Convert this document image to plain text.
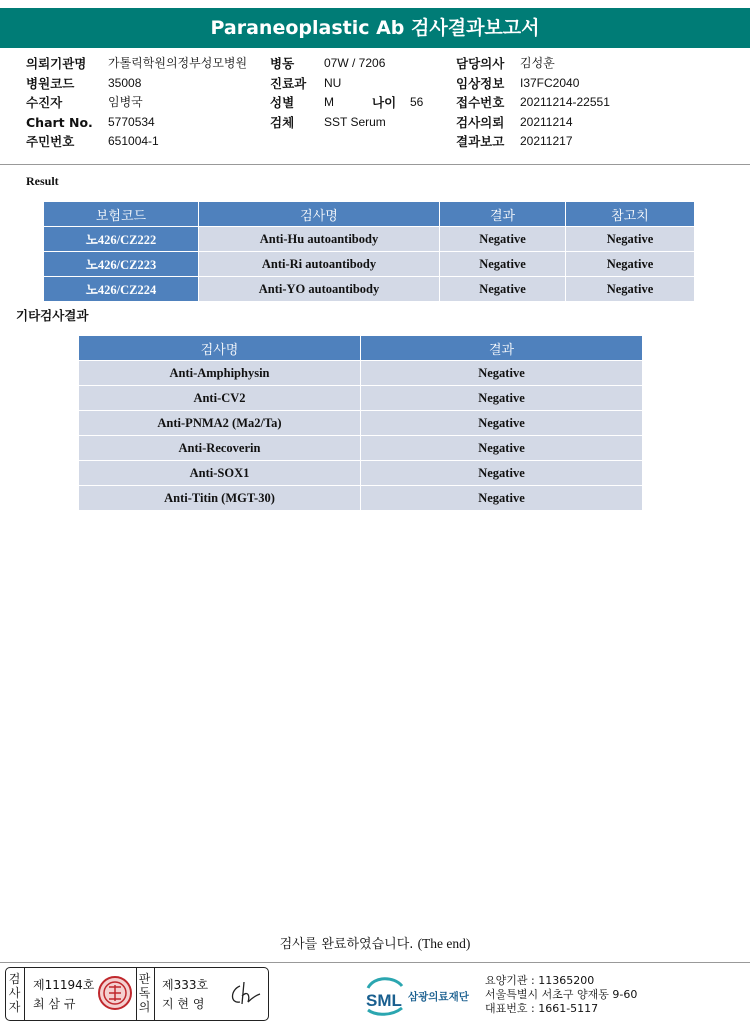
Paraneoplastic Ab 검사결과보고서
의뢰기관명	가톨릭학원의정부성모병원
병원코드	35008
수진자	임병국
Chart No.	5770534
주민번호	651004-1
병동	07W / 7206
진료과	NU
성별	M	나이	56
검체	SST Serum
담당의사	김성훈
임상정보	I37FC2040
접수번호	20211214-22551
검사의뢰	20211214
결과보고	20211217
Result
보험코드	검사명	결과	참고치
노426/CZ222	Anti-Hu autoantibody	Negative	Negative
노426/CZ223	Anti-Ri autoantibody	Negative	Negative
노426/CZ224	Anti-YO autoantibody	Negative	Negative
기타검사결과
검사명	결과
Anti-Amphiphysin	Negative
Anti-CV2	Negative
Anti-PNMA2 (Ma2/Ta)	Negative
Anti-Recoverin	Negative
Anti-SOX1	Negative
Anti-Titin (MGT-30)	Negative
검사를 완료하였습니다. (The end)
검사자
제11194호
최 삼 규
판독의
제333호
지 현 영	SML 삼광의료재단
요양기관 : 11365200
서울특별시 서초구 양재동 9-60
대표번호 : 1661-5117
